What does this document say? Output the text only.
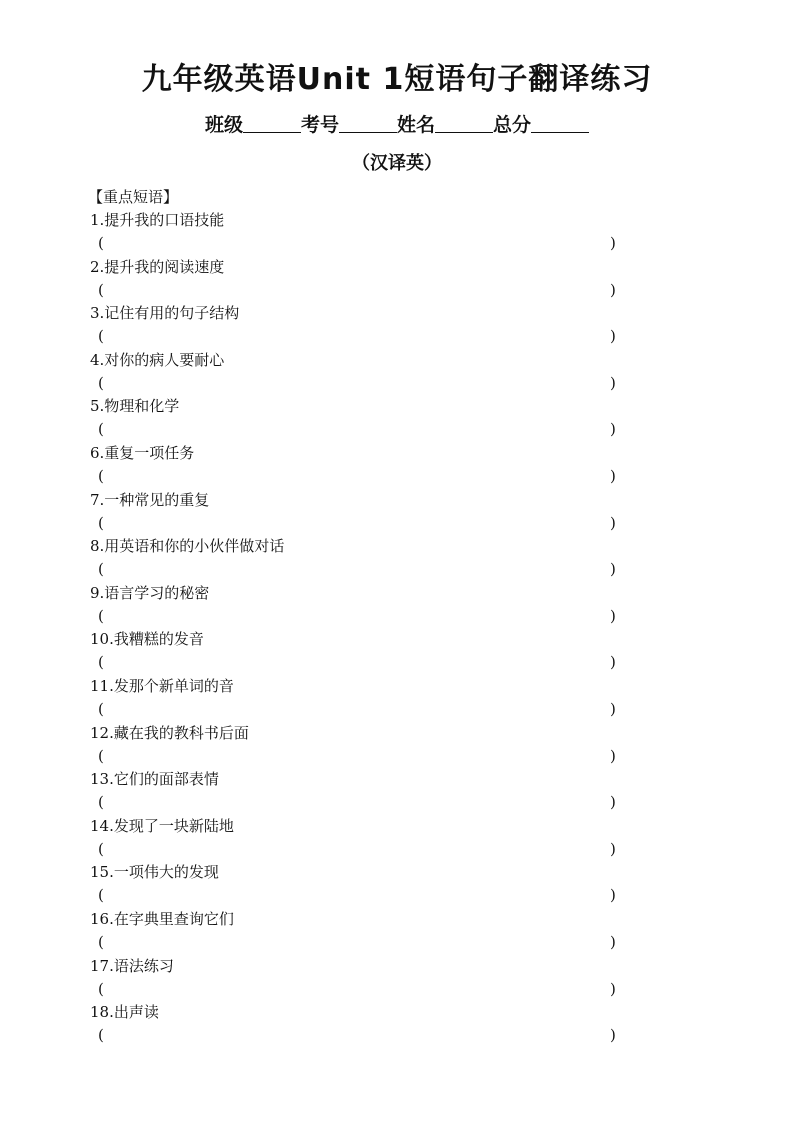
九年级英语Unit 1短语句子翻译练习
班级	考号	姓名	总分
（汉译英）
【重点短语】
1.提升我的口语技能
(	)
2.提升我的阅读速度
(	)
3.记住有用的句子结构
(	)
4.对你的病人要耐心
(	)
5.物理和化学
(	)
6.重复一项任务
(	)
7.一种常见的重复
(	)
8.用英语和你的小伙伴做对话
(	)
9.语言学习的秘密
(	)
10.我糟糕的发音
(	)
11.发那个新单词的音
(	)
12.藏在我的教科书后面
(	)
13.它们的面部表情
(	)
14.发现了一块新陆地
(	)
15.一项伟大的发现
(	)
16.在字典里查询它们
(	)
17.语法练习
(	)
18.出声读
(	)
